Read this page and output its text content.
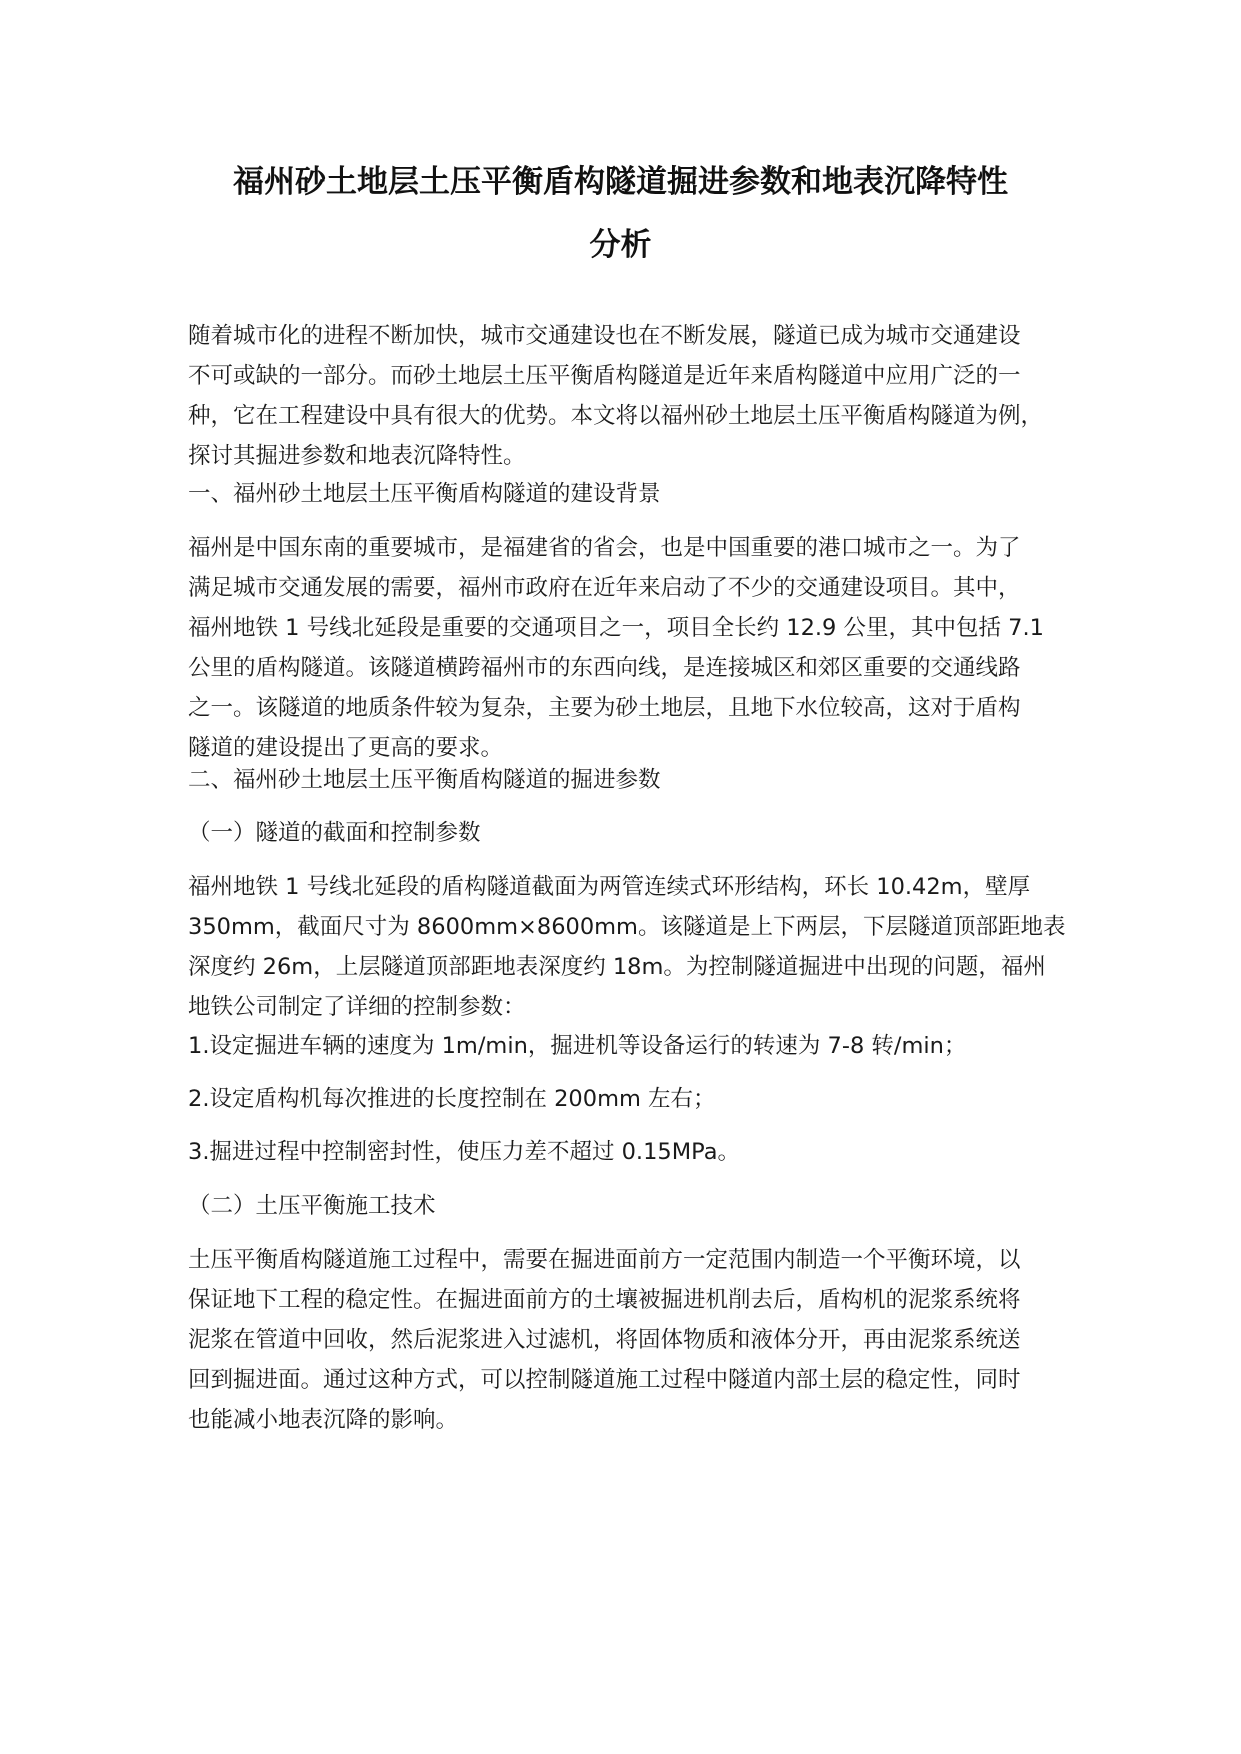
福州砂土地层土压平衡盾构隧道掘进参数和地表沉降特性
分析
随着城市化的进程不断加快，城市交通建设也在不断发展，隧道已成为城市交通建设
不可或缺的一部分。而砂土地层土压平衡盾构隧道是近年来盾构隧道中应用广泛的一
种，它在工程建设中具有很大的优势。本文将以福州砂土地层土压平衡盾构隧道为例，
探讨其掘进参数和地表沉降特性。
一、福州砂土地层土压平衡盾构隧道的建设背景
福州是中国东南的重要城市，是福建省的省会，也是中国重要的港口城市之一。为了
满足城市交通发展的需要，福州市政府在近年来启动了不少的交通建设项目。其中，
福州地铁 1 号线北延段是重要的交通项目之一，项目全长约 12.9 公里，其中包括 7.1
公里的盾构隧道。该隧道横跨福州市的东西向线，是连接城区和郊区重要的交通线路
之一。该隧道的地质条件较为复杂，主要为砂土地层，且地下水位较高，这对于盾构
隧道的建设提出了更高的要求。
二、福州砂土地层土压平衡盾构隧道的掘进参数
（一）隧道的截面和控制参数
福州地铁 1 号线北延段的盾构隧道截面为两管连续式环形结构，环长 10.42m，壁厚
350mm，截面尺寸为 8600mm×8600mm。该隧道是上下两层，下层隧道顶部距地表
深度约 26m，上层隧道顶部距地表深度约 18m。为控制隧道掘进中出现的问题，福州
地铁公司制定了详细的控制参数：
1.设定掘进车辆的速度为 1m/min，掘进机等设备运行的转速为 7-8 转/min；
2.设定盾构机每次推进的长度控制在 200mm 左右；
3.掘进过程中控制密封性，使压力差不超过 0.15MPa。
（二）土压平衡施工技术
土压平衡盾构隧道施工过程中，需要在掘进面前方一定范围内制造一个平衡环境，以
保证地下工程的稳定性。在掘进面前方的土壤被掘进机削去后，盾构机的泥浆系统将
泥浆在管道中回收，然后泥浆进入过滤机，将固体物质和液体分开，再由泥浆系统送
回到掘进面。通过这种方式，可以控制隧道施工过程中隧道内部土层的稳定性，同时
也能减小地表沉降的影响。
